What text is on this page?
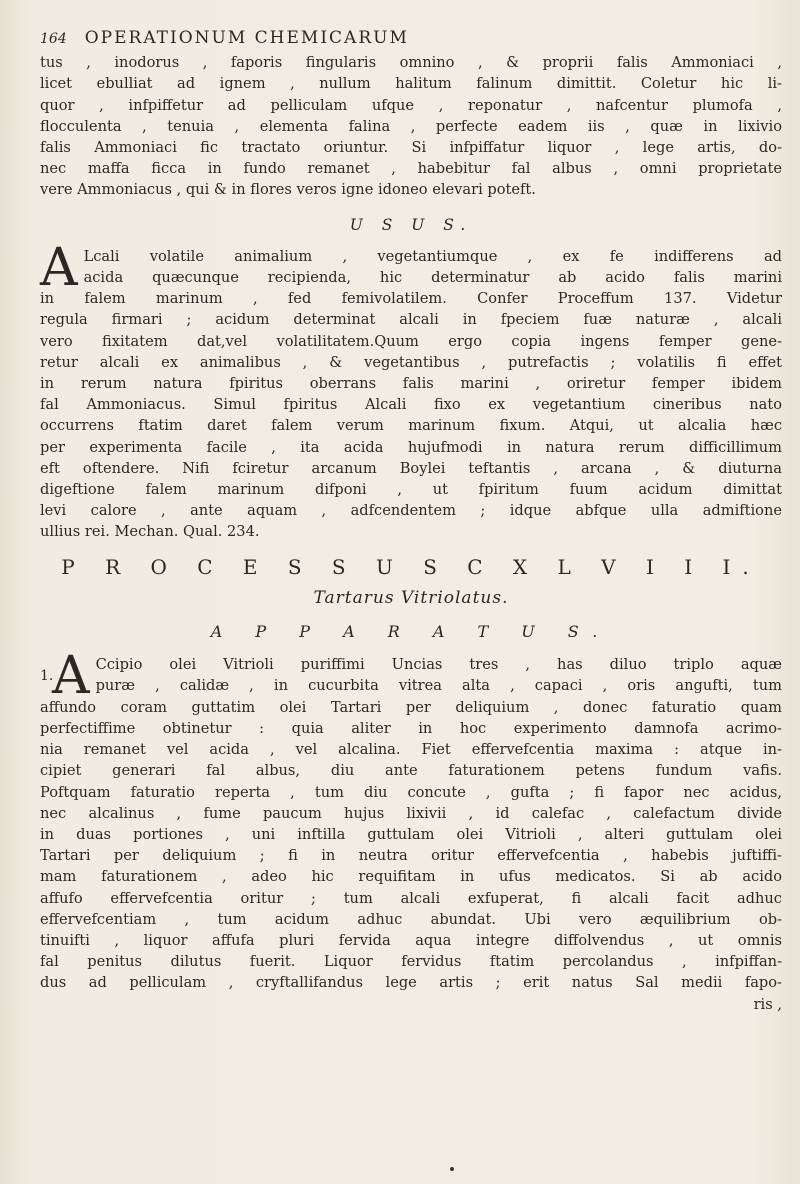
164 OPERATIONUM CHEMICARUM
tus , inodorus , faporis fingularis omnino , & proprii falis Ammoniaci ,
licet ebulliat ad ignem , nullum halitum falinum dimittit. Coletur hic li-
quor , infpiffetur ad pelliculam ufque , reponatur , nafcentur plumofa ,
flocculenta , tenuia , elementa falina , perfecte eadem iis , quæ in lixivio
falis Ammoniaci fic tractato oriuntur. Si infpiffatur liquor , lege artis, do-
nec maffa ficca in fundo remanet , habebitur fal albus , omni proprietate
vere Ammoniacus , qui & in flores veros igne idoneo elevari poteft.
U S U S.
A Lcali volatile animalium , vegetantiumque , ex fe indifferens ad
acida quæcunque recipienda, hic determinatur ab acido falis marini
in falem marinum , fed femivolatilem. Confer Proceffum 137. Videtur
regula firmari ; acidum determinat alcali in fpeciem fuæ naturæ , alcali
vero fixitatem dat,vel volatilitatem.Quum ergo copia ingens femper gene-
retur alcali ex animalibus , & vegetantibus , putrefactis ; volatilis fi effet
in rerum natura fpiritus oberrans falis marini , oriretur femper ibidem
fal Ammoniacus. Simul fpiritus Alcali fixo ex vegetantium cineribus nato
occurrens ftatim daret falem verum marinum fixum. Atqui, ut alcalia hæc
per experimenta facile , ita acida hujufmodi in natura rerum difficillimum
eft oftendere. Nifi fciretur arcanum Boylei teftantis , arcana , & diuturna
digeftione falem marinum difponi , ut fpiritum fuum acidum dimittat
levi calore , ante aquam , adfcendentem ; idque abfque ulla admiftione
ullius rei. Mechan. Qual. 234.
P R O C E S S U S C X L V I I I.
Tartarus Vitriolatus.
A P P A R A T U S.
1.A Ccipio olei Vitrioli puriffimi Uncias tres , has diluo triplo aquæ
puræ , calidæ , in cucurbita vitrea alta , capaci , oris angufti, tum
affundo coram guttatim olei Tartari per deliquium , donec faturatio quam
perfectiffime obtinetur : quia aliter in hoc experimento damnofa acrimo-
nia remanet vel acida , vel alcalina. Fiet effervefcentia maxima : atque in-
cipiet generari fal albus, diu ante faturationem petens fundum vafis.
Poftquam faturatio reperta , tum diu concute , gufta ; fi fapor nec acidus,
nec alcalinus , fume paucum hujus lixivii , id calefac , calefactum divide
in duas portiones , uni inftilla guttulam olei Vitrioli , alteri guttulam olei
Tartari per deliquium ; fi in neutra oritur effervefcentia , habebis juftiffi-
mam faturationem , adeo hic requifitam in ufus medicatos. Si ab acido
affufo effervefcentia oritur ; tum alcali exfuperat, fi alcali facit adhuc
effervefcentiam , tum acidum adhuc abundat. Ubi vero æquilibrium ob-
tinuifti , liquor affufa pluri fervida aqua integre diffolvendus , ut omnis
fal penitus dilutus fuerit. Liquor fervidus ftatim percolandus , infpiffan-
dus ad pelliculam , cryftallifandus lege artis ; erit natus Sal medii fapo-
ris ,
